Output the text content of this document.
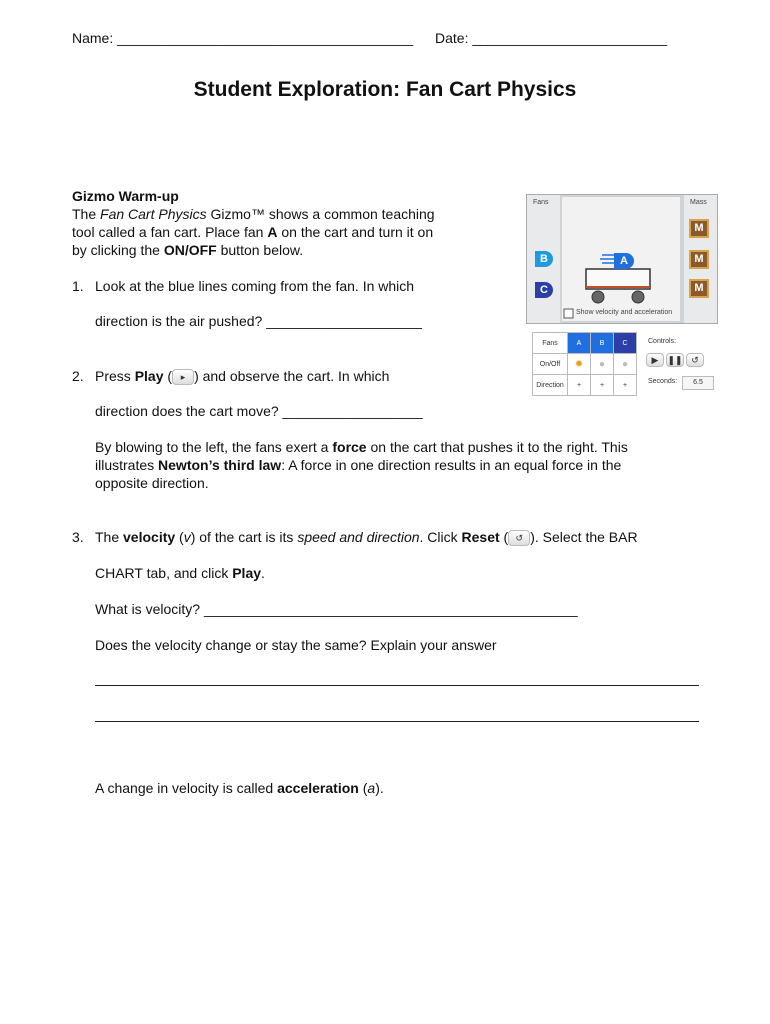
Name: ______________________________________ Date: _________________________
Student Exploration: Fan Cart Physics
Gizmo Warm-up
The Fan Cart Physics Gizmo™ shows a common teaching
tool called a fan cart. Place fan A on the cart and turn it on
by clicking the ON/OFF button below.
1. Look at the blue lines coming from the fan. In which
direction is the air pushed? ____________________
2. Press Play ( ▸ ) and observe the cart. In which
direction does the cart move? __________________
By blowing to the left, the fans exert a force on the cart that pushes it to the right. This
illustrates Newton’s third law: A force in one direction results in an equal force in the
opposite direction.
3. The velocity (v) of the cart is its speed and direction. Click Reset ( ↺ ). Select the BAR
CHART tab, and click Play.
What is velocity? ________________________________________________
Does the velocity change or stay the same? Explain your answer
A change in velocity is called acceleration (a).
Fans
B
C
A
Show velocity and acceleration
Mass
M
M
M
Fans	A	B	C
On/Off	✹	●	●
Direction	+	+	+
Controls:
▶	❚❚ ↺
Seconds:	6.5
